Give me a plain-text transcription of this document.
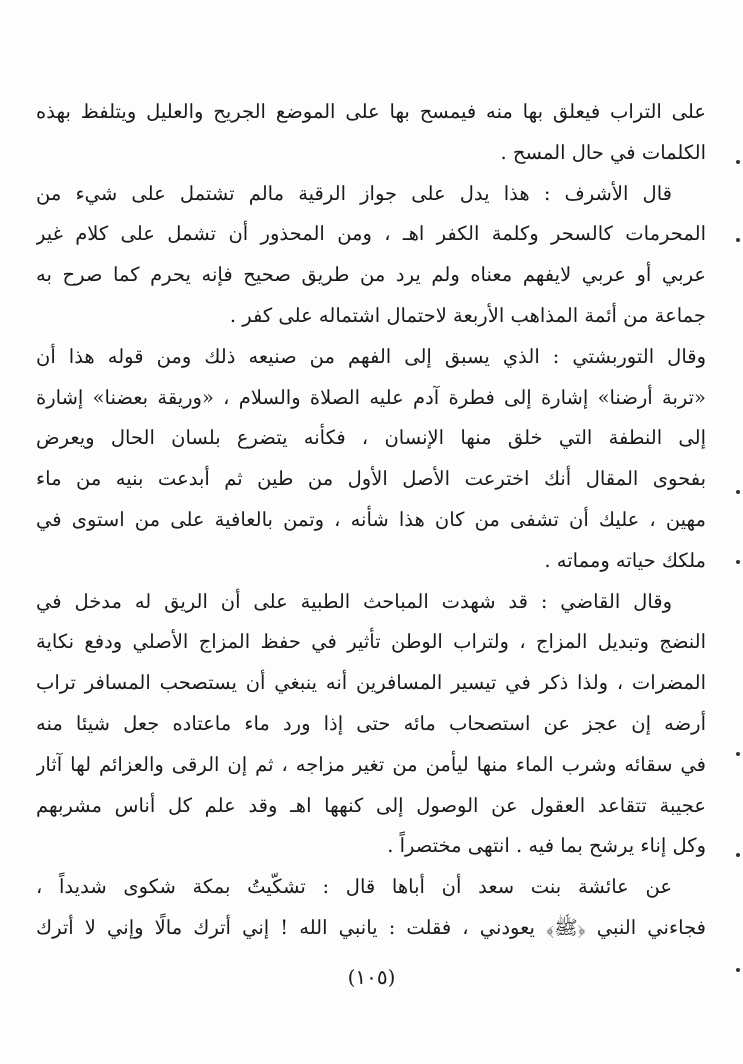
على التراب فيعلق بها منه فيمسح بها على الموضع الجريح والعليل ويتلفظ بهذه
الكلمات في حال المسح .
قال الأشرف : هذا يدل على جواز الرقية مالم تشتمل على شيء من
المحرمات كالسحر وكلمة الكفر اهـ ، ومن المحذور أن تشمل على كلام غير
عربي أو عربي لايفهم معناه ولم يرد من طريق صحيح فإنه يحرم كما صرح به
جماعة من أئمة المذاهب الأربعة لاحتمال اشتماله على كفر .
وقال التوربشتي : الذي يسبق إلى الفهم من صنيعه ذلك ومن قوله هذا أن
«تربة أرضنا» إشارة إلى فطرة آدم عليه الصلاة والسلام ، «وريقة بعضنا» إشارة
إلى النطفة التي خلق منها الإنسان ، فكأنه يتضرع بلسان الحال ويعرض
بفحوى المقال أنك اخترعت الأصل الأول من طين ثم أبدعت بنيه من ماء
مهين ، عليك أن تشفى من كان هذا شأنه ، وتمن بالعافية على من استوى في
ملكك حياته ومماته .
وقال القاضي : قد شهدت المباحث الطبية على أن الريق له مدخل في
النضج وتبديل المزاج ، ولتراب الوطن تأثير في حفظ المزاج الأصلي ودفع نكاية
المضرات ، ولذا ذكر في تيسير المسافرين أنه ينبغي أن يستصحب المسافر تراب
أرضه إن عجز عن استصحاب مائه حتى إذا ورد ماء ماعتاده جعل شيئا منه
في سقائه وشرب الماء منها ليأمن من تغير مزاجه ، ثم إن الرقى والعزائم لها آثار
عجيبة تتقاعد العقول عن الوصول إلى كنهها اهـ وقد علم كل أناس مشربهم
وكل إناء يرشح بما فيه . انتهى مختصراً .
عن عائشة بنت سعد أن أباها قال : تشكّيتُ بمكة شكوى شديداً ،
فجاءني النبي ﴿ﷺ﴾ يعودني ، فقلت : يانبي الله ! إني أترك مالًا وإني لا أترك
(١٠٥)
